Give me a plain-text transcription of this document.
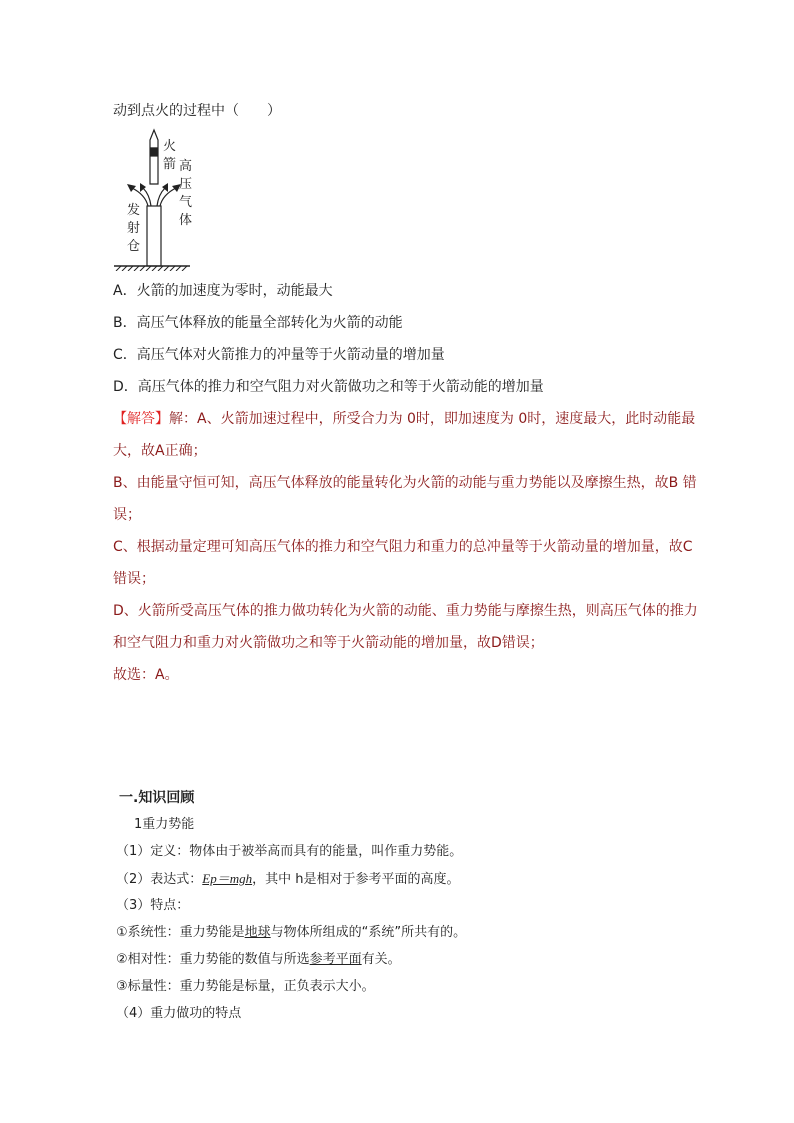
动到点火的过程中（　　）
火
箭 高
压
气
体
发
射
仓
A．火箭的加速度为零时，动能最大
B．高压气体释放的能量全部转化为火箭的动能
C．高压气体对火箭推力的冲量等于火箭动量的增加量
D．高压气体的推力和空气阻力对火箭做功之和等于火箭动能的增加量
【解答】解：A、火箭加速过程中，所受合力为 0时，即加速度为 0时，速度最大，此时动能最
大，故A正确；
B、由能量守恒可知，高压气体释放的能量转化为火箭的动能与重力势能以及摩擦生热，故B 错
误；
C、根据动量定理可知高压气体的推力和空气阻力和重力的总冲量等于火箭动量的增加量，故C
错误；
D、火箭所受高压气体的推力做功转化为火箭的动能、重力势能与摩擦生热，则高压气体的推力
和空气阻力和重力对火箭做功之和等于火箭动能的增加量，故D错误；
故选：A。
一.知识回顾
1重力势能
（1）定义：物体由于被举高而具有的能量，叫作重力势能。
（2）表达式：Ep＝mgh，其中 h是相对于参考平面的高度。
（3）特点：
①系统性：重力势能是地球与物体所组成的“系统”所共有的。
②相对性：重力势能的数值与所选参考平面有关。
③标量性：重力势能是标量，正负表示大小。
（4）重力做功的特点
